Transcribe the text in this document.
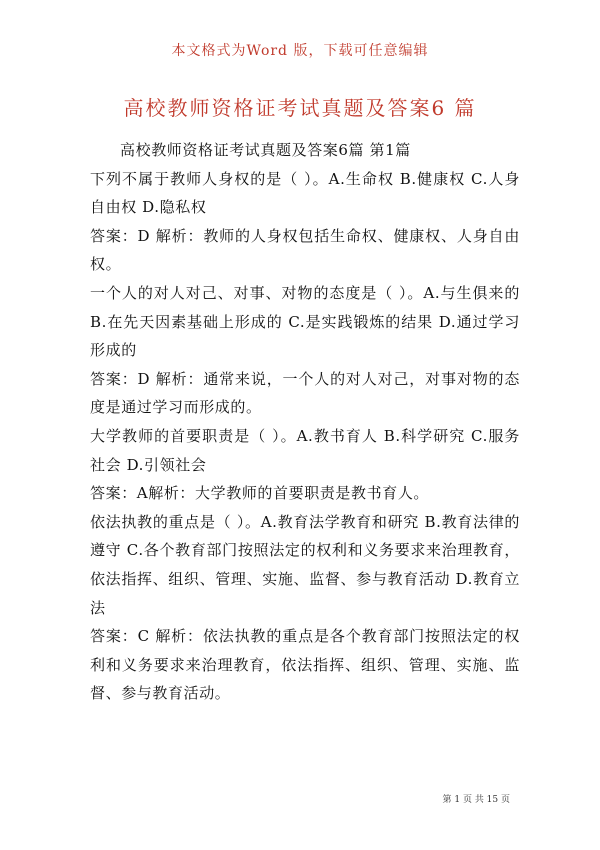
本文格式为Word 版，下载可任意编辑
高校教师资格证考试真题及答案6 篇

高校教师资格证考试真题及答案6篇 第1篇

下列不属于教师人身权的是（ ）。A.生命权 B.健康权 C.人身自由权 D.隐私权

答案：D 解析：教师的人身权包括生命权、健康权、人身自由权。

一个人的对人对己、对事、对物的态度是（ ）。A.与生俱来的 B.在先天因素基础上形成的 C.是实践锻炼的结果 D.通过学习形成的

答案：D 解析：通常来说，一个人的对人对己，对事对物的态度是通过学习而形成的。

大学教师的首要职责是（ ）。A.教书育人 B.科学研究 C.服务社会 D.引领社会

答案：A解析：大学教师的首要职责是教书育人。

依法执教的重点是（ ）。A.教育法学教育和研究 B.教育法律的遵守 C.各个教育部门按照法定的权利和义务要求来治理教育，依法指挥、组织、管理、实施、监督、参与教育活动 D.教育立法

答案：C 解析：依法执教的重点是各个教育部门按照法定的权利和义务要求来治理教育，依法指挥、组织、管理、实施、监督、参与教育活动。

第 1 页 共 15 页
